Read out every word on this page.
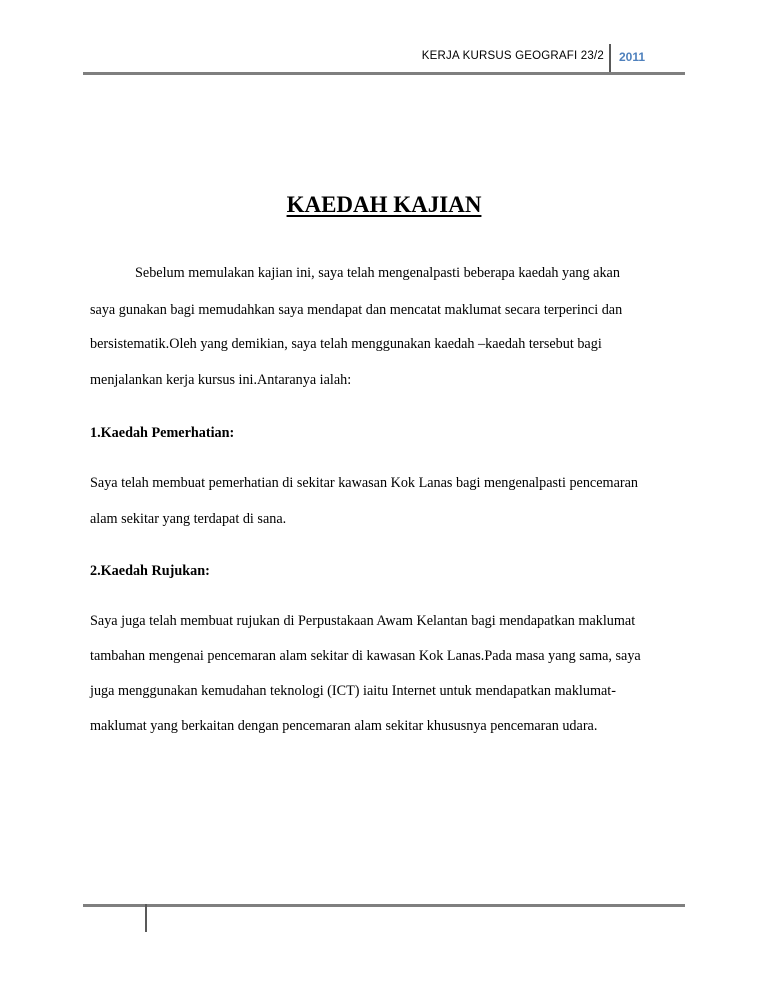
KERJA KURSUS GEOGRAFI 23/2 2011
KAEDAH KAJIAN
Sebelum memulakan kajian ini, saya telah mengenalpasti beberapa kaedah yang akan
saya gunakan bagi memudahkan saya mendapat dan mencatat maklumat secara terperinci dan
bersistematik.Oleh yang demikian, saya telah menggunakan kaedah –kaedah tersebut bagi
menjalankan kerja kursus ini.Antaranya ialah:
1.Kaedah Pemerhatian:
Saya telah membuat pemerhatian di sekitar kawasan Kok Lanas bagi mengenalpasti pencemaran
alam sekitar yang terdapat di sana.
2.Kaedah Rujukan:
Saya juga telah membuat rujukan di Perpustakaan Awam Kelantan bagi mendapatkan maklumat
tambahan mengenai pencemaran alam sekitar di kawasan Kok Lanas.Pada masa yang sama, saya
juga menggunakan kemudahan teknologi (ICT) iaitu Internet untuk mendapatkan maklumat-
maklumat yang berkaitan dengan pencemaran alam sekitar khususnya pencemaran udara.
